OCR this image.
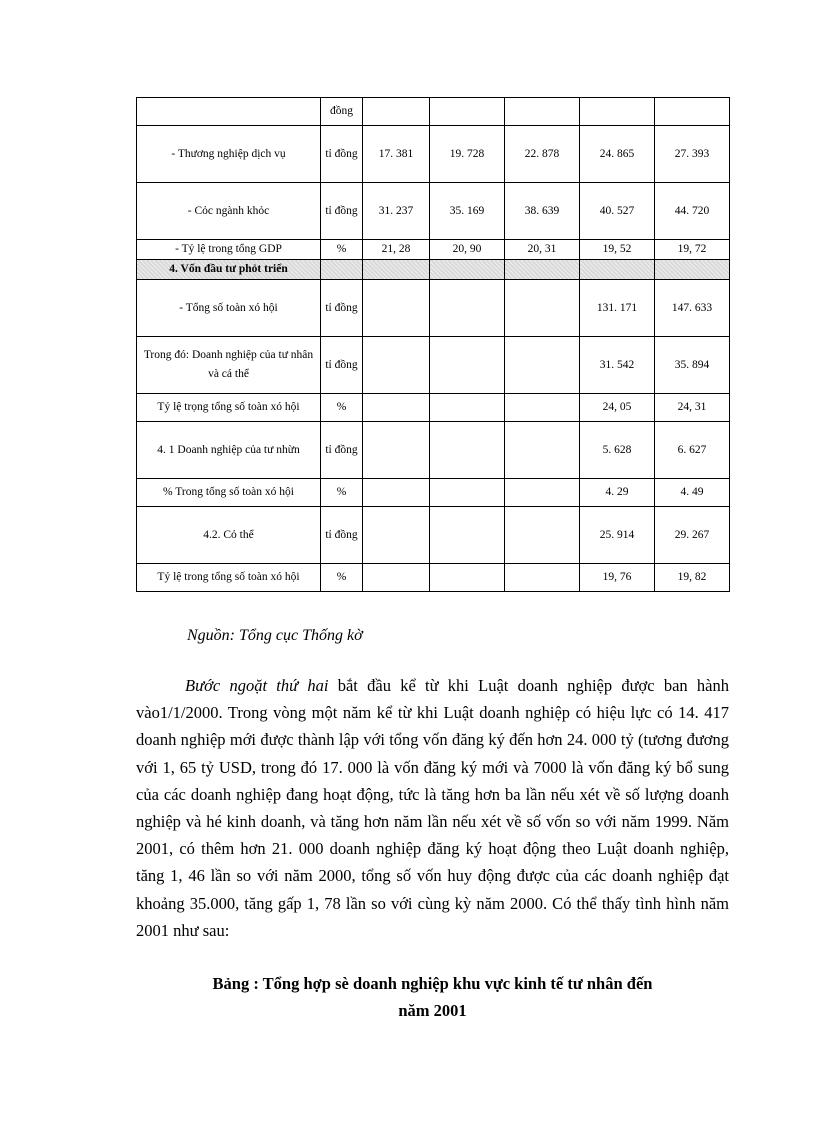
	đồng					
- Thương nghiệp dịch vụ	tỉ đồng	17. 381	19. 728	22. 878	24. 865	27. 393
- Cỏc ngành khỏc	tỉ đồng	31. 237	35. 169	38. 639	40. 527	44. 720
- Tỷ lệ trong tổng GDP	%	21, 28	20, 90	20, 31	19, 52	19, 72
4. Vốn đầu tư phỏt triển						
- Tổng số toàn xó hội	tỉ đồng				131. 171	147. 633
Trong đó: Doanh nghiệp của tư nhân và cá thể	tỉ đồng				31. 542	35. 894
Tỷ lệ trọng tổng số toàn xó hội	%				24, 05	24, 31
4. 1 Doanh nghiệp của tư nhừn	tỉ đồng				5. 628	6. 627
% Trong tổng số toàn xó hội	%				4. 29	4. 49
4.2. Cỏ thể	tỉ đồng				25. 914	29. 267
Tỷ lệ trong tổng số toàn xó hội	%				19, 76	19, 82
Nguồn: Tổng cục Thống kờ

Bước ngoặt thứ hai bắt đầu kể từ khi Luật doanh nghiệp được ban hành vào1/1/2000. Trong vòng một năm kể từ khi Luật doanh nghiệp có hiệu lực có 14. 417 doanh nghiệp mới được thành lập với tổng vốn đăng ký đến hơn 24. 000 tỷ (tương đương với 1, 65 tỷ USD, trong đó 17. 000 là vốn đăng ký mới và 7000 là vốn đăng ký bổ sung của các doanh nghiệp đang hoạt động, tức là tăng hơn ba lần nếu xét về số lượng doanh nghiệp và hé kinh doanh, và tăng hơn năm lần nếu xét về số vốn so với năm 1999. Năm 2001, có thêm hơn 21. 000 doanh nghiệp đăng ký hoạt động theo Luật doanh nghiệp, tăng 1, 46 lần so với năm 2000, tổng số vốn huy động được của các doanh nghiệp đạt khoảng 35.000, tăng gấp 1, 78 lần so với cùng kỳ năm 2000. Có thể thấy tình hình năm 2001 như sau:

Bảng : Tổng hợp sè doanh nghiệp khu vực kinh tế tư nhân đến
năm 2001
